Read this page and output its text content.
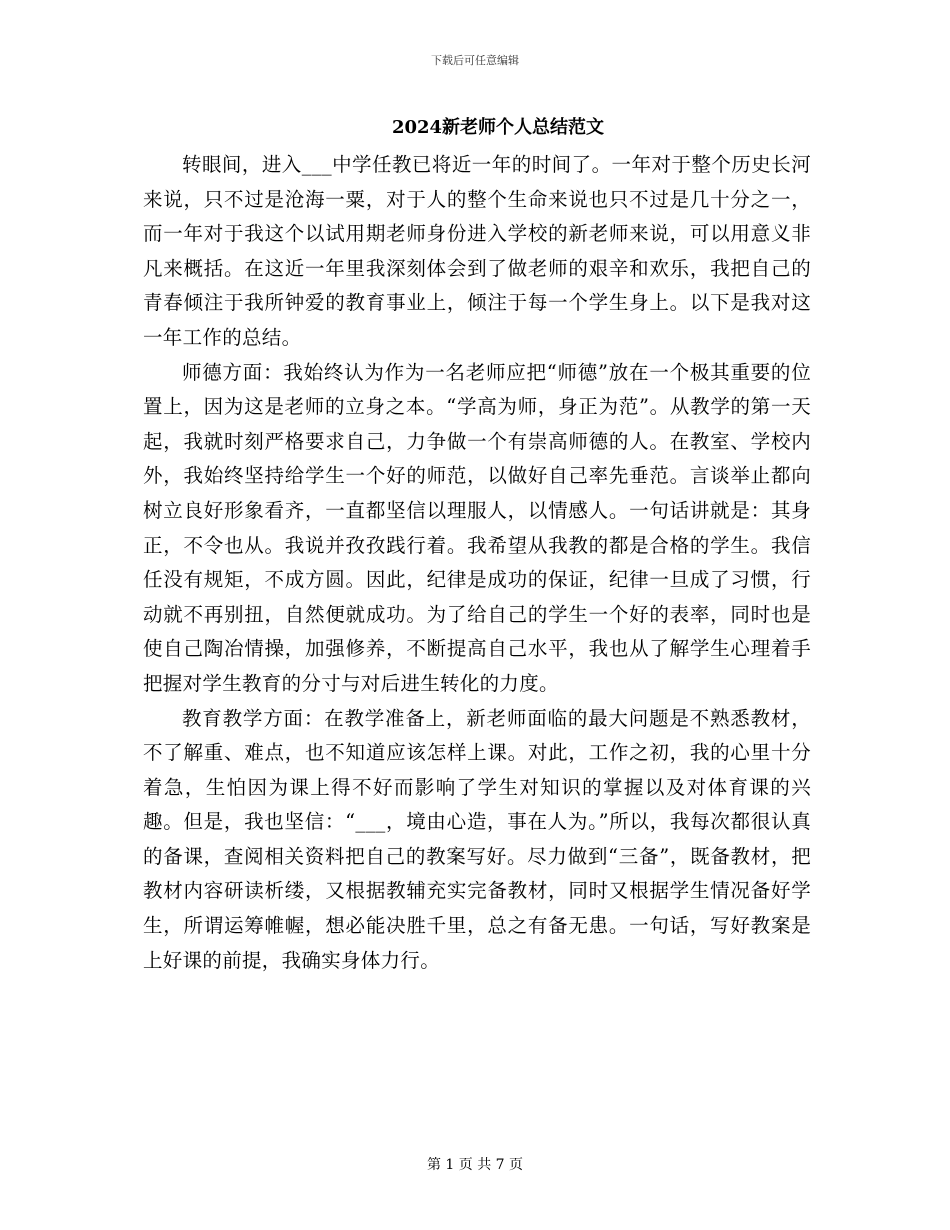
下载后可任意编辑
2024新老师个人总结范文

转眼间，进入___中学任教已将近一年的时间了。一年对于整个历史长河来说，只不过是沧海一粟，对于人的整个生命来说也只不过是几十分之一，而一年对于我这个以试用期老师身份进入学校的新老师来说，可以用意义非凡来概括。在这近一年里我深刻体会到了做老师的艰辛和欢乐，我把自己的青春倾注于我所钟爱的教育事业上，倾注于每一个学生身上。以下是我对这一年工作的总结。

师德方面：我始终认为作为一名老师应把“师德”放在一个极其重要的位置上，因为这是老师的立身之本。“学高为师，身正为范”。从教学的第一天起，我就时刻严格要求自己，力争做一个有崇高师德的人。在教室、学校内外，我始终坚持给学生一个好的师范，以做好自己率先垂范。言谈举止都向树立良好形象看齐，一直都坚信以理服人，以情感人。一句话讲就是：其身正，不令也从。我说并孜孜践行着。我希望从我教的都是合格的学生。我信任没有规矩，不成方圆。因此，纪律是成功的保证，纪律一旦成了习惯，行动就不再别扭，自然便就成功。为了给自己的学生一个好的表率，同时也是使自己陶冶情操，加强修养，不断提高自己水平，我也从了解学生心理着手把握对学生教育的分寸与对后进生转化的力度。

教育教学方面：在教学准备上，新老师面临的最大问题是不熟悉教材，不了解重、难点，也不知道应该怎样上课。对此，工作之初，我的心里十分着急，生怕因为课上得不好而影响了学生对知识的掌握以及对体育课的兴趣。但是，我也坚信：“___，境由心造，事在人为。”所以，我每次都很认真的备课，查阅相关资料把自己的教案写好。尽力做到“三备”，既备教材，把教材内容研读析缕，又根据教辅充实完备教材，同时又根据学生情况备好学生，所谓运筹帷幄，想必能决胜千里，总之有备无患。一句话，写好教案是上好课的前提，我确实身体力行。

第 1 页 共 7 页
